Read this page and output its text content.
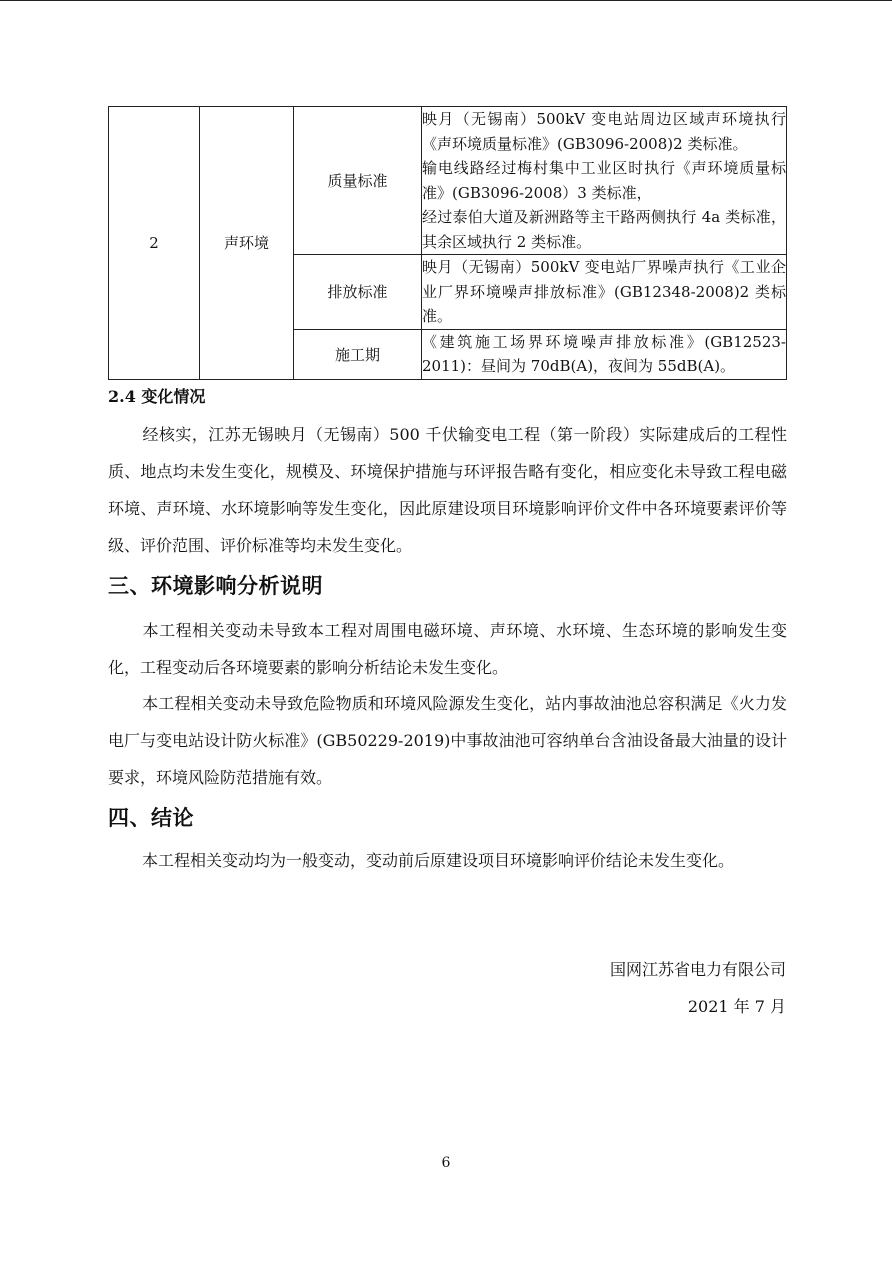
2	声环境	质量标准	映月（无锡南）500kV 变电站周边区域声环境执行《声环境质量标准》(GB3096-2008)2 类标准。
输电线路经过梅村集中工业区时执行《声环境质量标准》(GB3096-2008）3 类标准，
经过泰伯大道及新洲路等主干路两侧执行 4a 类标准，其余区域执行 2 类标准。

		排放标准	映月（无锡南）500kV 变电站厂界噪声执行《工业企业厂界环境噪声排放标准》(GB12348-2008)2 类标准。

		施工期	《建筑施工场界环境噪声排放标准》(GB12523-2011)：昼间为 70dB(A)，夜间为 55dB(A)。
2.4 变化情况
经核实，江苏无锡映月（无锡南）500 千伏输变电工程（第一阶段）实际建成后的工程性质、地点均未发生变化，规模及、环境保护措施与环评报告略有变化，相应变化未导致工程电磁环境、声环境、水环境影响等发生变化，因此原建设项目环境影响评价文件中各环境要素评价等级、评价范围、评价标准等均未发生变化。
三、环境影响分析说明
本工程相关变动未导致本工程对周围电磁环境、声环境、水环境、生态环境的影响发生变化，工程变动后各环境要素的影响分析结论未发生变化。
本工程相关变动未导致危险物质和环境风险源发生变化，站内事故油池总容积满足《火力发电厂与变电站设计防火标准》(GB50229-2019)中事故油池可容纳单台含油设备最大油量的设计要求，环境风险防范措施有效。
四、结论
本工程相关变动均为一般变动，变动前后原建设项目环境影响评价结论未发生变化。
国网江苏省电力有限公司
2021 年 7 月
6
